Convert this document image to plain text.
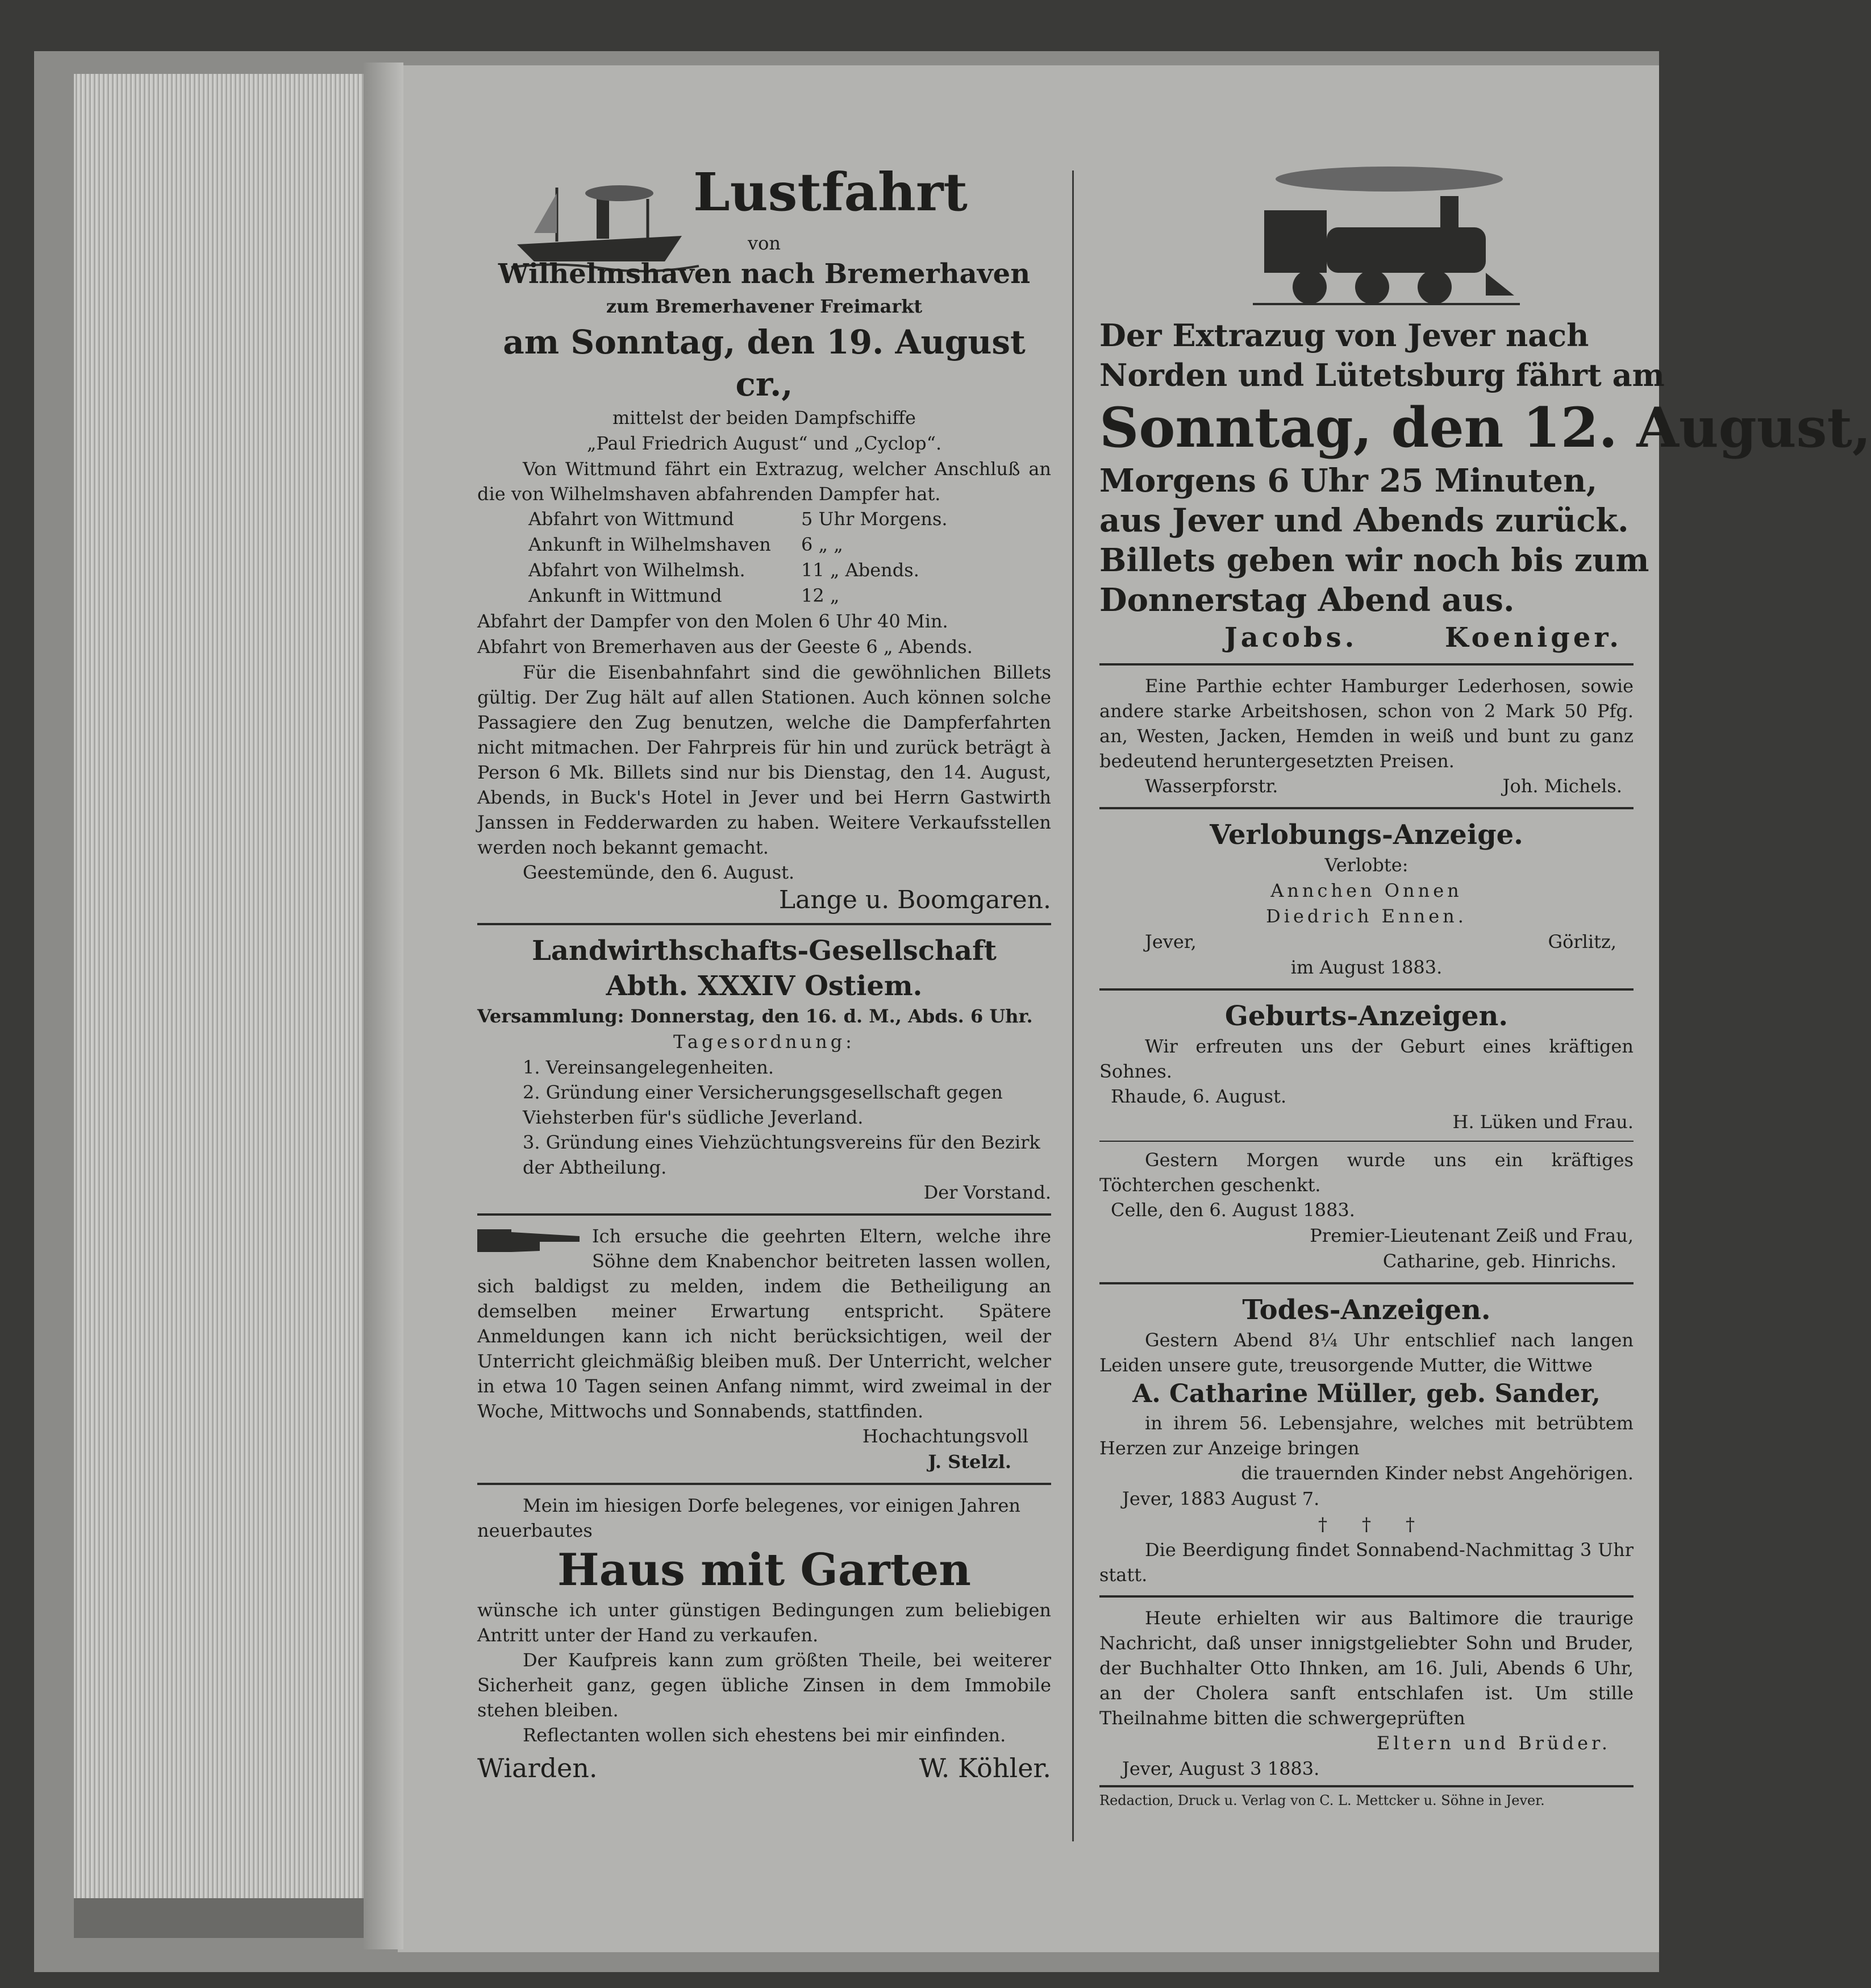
Lustfahrt
von
Wilhelmshaven nach Bremerhaven
zum Bremerhavener Freimarkt
am Sonntag, den 19. August cr.,
mittelst der beiden Dampfschiffe
„Paul Friedrich August“ und „Cyclop“.
Von Wittmund fährt ein Extrazug, welcher Anschluß an die von Wilhelmshaven abfahrenden Dampfer hat.
Abfahrt von Wittmund	5 Uhr Morgens.
Ankunft in Wilhelmshaven 6 „ „
Abfahrt von Wilhelmsh.	11 „ Abends.
Ankunft in Wittmund	12 „
Abfahrt der Dampfer von den Molen 6 Uhr 40 Min.
Abfahrt von Bremerhaven aus der Geeste 6 „ Abends.
Für die Eisenbahnfahrt sind die gewöhnlichen Billets gültig. Der Zug hält auf allen Stationen. Auch können solche Passagiere den Zug benutzen, welche die Dampferfahrten nicht mitmachen. Der Fahrpreis für hin und zurück beträgt à Person 6 Mk. Billets sind nur bis Dienstag, den 14. August, Abends, in Buck's Hotel in Jever und bei Herrn Gastwirth Janssen in Fedderwarden zu haben. Weitere Verkaufsstellen werden noch bekannt gemacht.
Geestemünde, den 6. August.
Lange u. Boomgaren.
Landwirthschafts-Gesellschaft
Abth. XXXIV Ostiem.
Versammlung: Donnerstag, den 16. d. M., Abds. 6 Uhr.
Tagesordnung:
1. Vereinsangelegenheiten.
2. Gründung einer Versicherungsgesellschaft gegen Viehsterben für's südliche Jeverland.
3. Gründung eines Viehzüchtungsvereins für den Bezirk der Abtheilung.
Der Vorstand.
Ich ersuche die geehrten Eltern, welche ihre Söhne dem Knabenchor beitreten lassen wollen, sich baldigst zu melden, indem die Betheiligung an demselben meiner Erwartung entspricht. Spätere Anmeldungen kann ich nicht berücksichtigen, weil der Unterricht gleichmäßig bleiben muß. Der Unterricht, welcher in etwa 10 Tagen seinen Anfang nimmt, wird zweimal in der Woche, Mittwochs und Sonnabends, stattfinden.
Hochachtungsvoll
J. Stelzl.
Mein im hiesigen Dorfe belegenes, vor einigen Jahren neuerbautes
Haus mit Garten
wünsche ich unter günstigen Bedingungen zum beliebigen Antritt unter der Hand zu verkaufen.
Der Kaufpreis kann zum größten Theile, bei weiterer Sicherheit ganz, gegen übliche Zinsen in dem Immobile stehen bleiben.
Reflectanten wollen sich ehestens bei mir einfinden.
Wiarden.	W. Köhler.
Der Extrazug von Jever nach
Norden und Lütetsburg fährt am
Sonntag, den 12. August,
Morgens 6 Uhr 25 Minuten,
aus Jever und Abends zurück.
Billets geben wir noch bis zum
Donnerstag Abend aus.
Jacobs.	Koeniger.
Eine Parthie echter Hamburger Lederhosen, sowie andere starke Arbeitshosen, schon von 2 Mark 50 Pfg. an, Westen, Jacken, Hemden in weiß und bunt zu ganz bedeutend heruntergesetzten Preisen.
Wasserpforstr.	Joh. Michels.
Verlobungs-Anzeige.
Verlobte:
Annchen Onnen
Diedrich Ennen.
Jever,	Görlitz,
im August 1883.
Geburts-Anzeigen.
Wir erfreuten uns der Geburt eines kräftigen Sohnes.
Rhaude, 6. August.
H. Lüken und Frau.
Gestern Morgen wurde uns ein kräftiges Töchterchen geschenkt.
Celle, den 6. August 1883.
Premier-Lieutenant Zeiß und Frau,
Catharine, geb. Hinrichs.
Todes-Anzeigen.
Gestern Abend 8¼ Uhr entschlief nach langen Leiden unsere gute, treusorgende Mutter, die Wittwe
A. Catharine Müller, geb. Sander,
in ihrem 56. Lebensjahre, welches mit betrübtem Herzen zur Anzeige bringen
die trauernden Kinder nebst Angehörigen.
Jever, 1883 August 7.
†      †      †
Die Beerdigung findet Sonnabend-Nachmittag 3 Uhr statt.
Heute erhielten wir aus Baltimore die traurige Nachricht, daß unser innigstgeliebter Sohn und Bruder, der Buchhalter Otto Ihnken, am 16. Juli, Abends 6 Uhr, an der Cholera sanft entschlafen ist. Um stille Theilnahme bitten die schwergeprüften
Eltern und Brüder.
Jever, August 3 1883.
Redaction, Druck u. Verlag von C. L. Mettcker u. Söhne in Jever.
